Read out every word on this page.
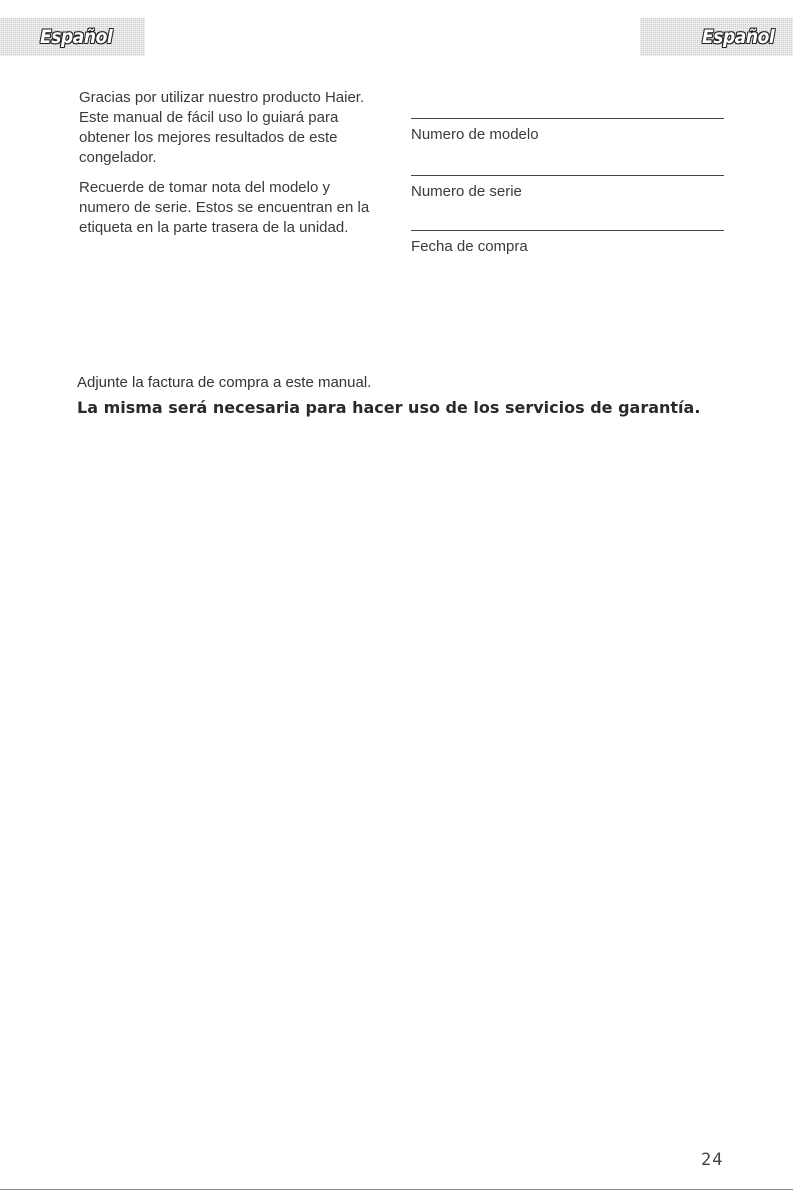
Español	Español

Gracias por utilizar nuestro producto Haier. Este manual de fácil uso lo guiará para obtener los mejores resultados de este congelador.

Recuerde de tomar nota del modelo y numero de serie. Estos se encuentran en la etiqueta en la parte trasera de la unidad.

Numero de modelo
Numero de serie
Fecha de compra
Adjunte la factura de compra a este manual.
La misma será necesaria para hacer uso de los servicios de garantía.
24
